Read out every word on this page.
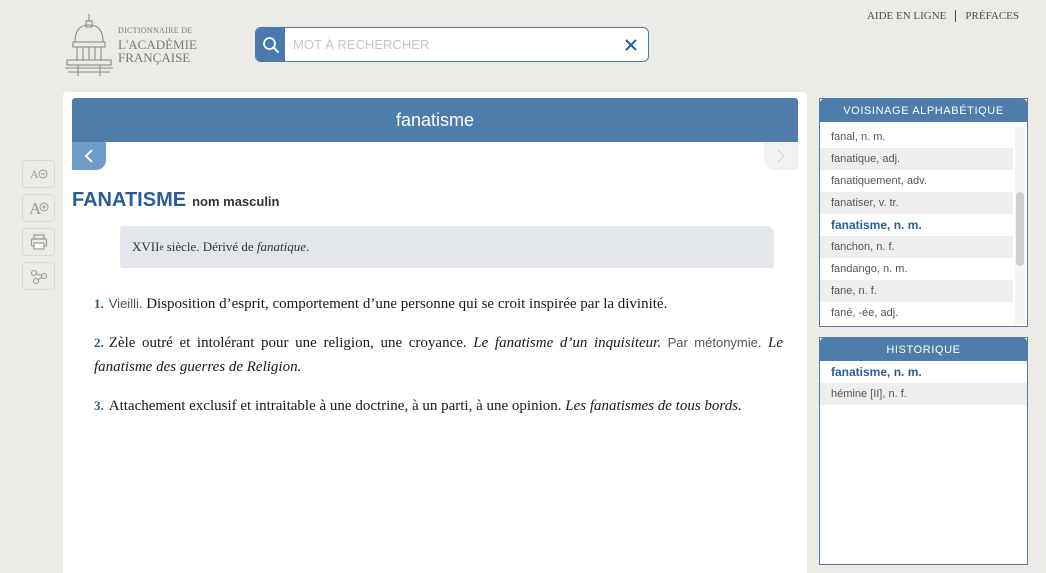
DICTIONNAIRE DE
L'ACADÉMIE
FRANÇAISE
MOT À RECHERCHER
AIDE EN LIGNE PRÉFACES
A
A
fanatisme
FANATISME nom masculin
XVII e siècle. Dérivé de fanatique .
1. Vieilli. Disposition d’esprit, comportement d’une personne qui se croit inspirée par la divinité.
2. Zèle outré et intolérant pour une religion, une croyance. Le fanatisme d’un inquisiteur. Par métonymie. Le fanatisme des guerres de Religion.
3. Attachement exclusif et intraitable à une doctrine, à un parti, à une opinion. Les fanatismes de tous bords.
VOISINAGE ALPHABÉTIQUE
fanal, n. m.
fanatique, adj.
fanatiquement, adv.
fanatiser, v. tr.
fanatisme, n. m.
fanchon, n. f.
fandango, n. m.
fane, n. f.
fané, -ée, adj.
HISTORIQUE
fanatisme, n. m.
hémine [II], n. f.
